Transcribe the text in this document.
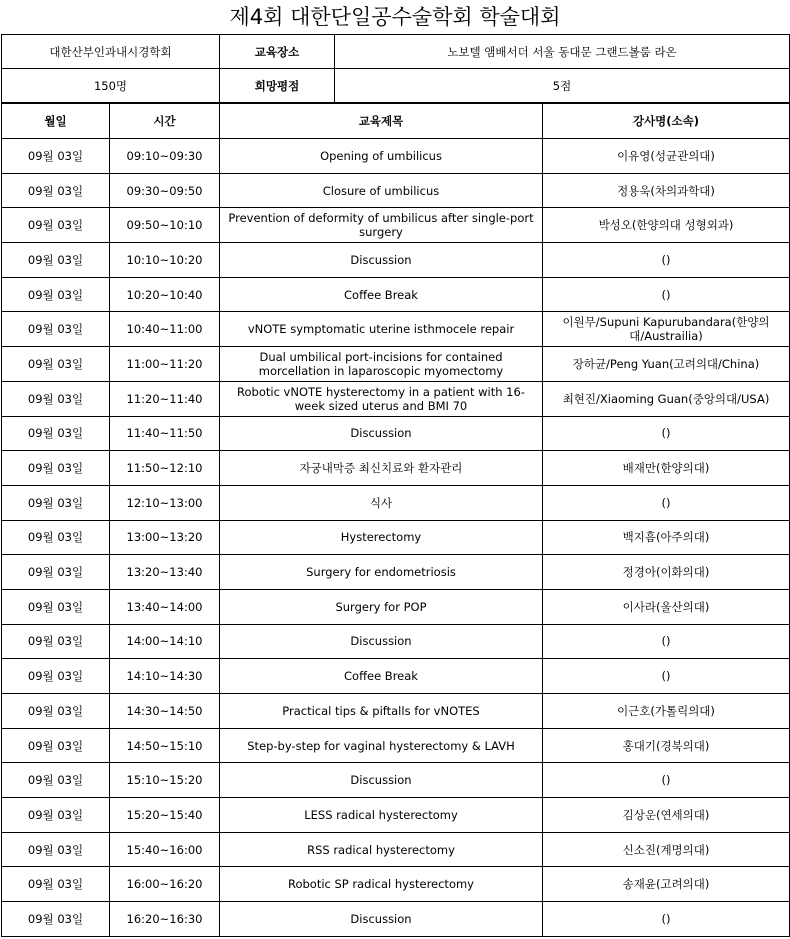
제4회 대한단일공수술학회 학술대회
대한산부인과내시경학회	교육장소	노보텔 앰배서더 서울 동대문 그랜드볼룸 라온
150명	희망평점	5점
월일	시간	교육제목	강사명(소속)
09월 03일	09:10~09:30	Opening of umbilicus	이유영(성균관의대)
09월 03일	09:30~09:50	Closure of umbilicus	정용욱(차의과학대)
09월 03일	09:50~10:10	Prevention of deformity of umbilicus after single-port surgery	박성오(한양의대 성형외과)
09월 03일	10:10~10:20	Discussion	()
09월 03일	10:20~10:40	Coffee Break	()
09월 03일	10:40~11:00	vNOTE symptomatic uterine isthmocele repair	이원무/Supuni Kapurubandara(한양의대/Austrailia)
09월 03일	11:00~11:20	Dual umbilical port-incisions for contained morcellation in laparoscopic myomectomy	장하균/Peng Yuan(고려의대/China)
09월 03일	11:20~11:40	Robotic vNOTE hysterectomy in a patient with 16-week sized uterus and BMI 70	최현진/Xiaoming Guan(중앙의대/USA)
09월 03일	11:40~11:50	Discussion	()
09월 03일	11:50~12:10	자궁내막증 최신치료와 환자관리	배재만(한양의대)
09월 03일	12:10~13:00	식사	()
09월 03일	13:00~13:20	Hysterectomy	백지흠(아주의대)
09월 03일	13:20~13:40	Surgery for endometriosis	정경아(이화의대)
09월 03일	13:40~14:00	Surgery for POP	이사라(울산의대)
09월 03일	14:00~14:10	Discussion	()
09월 03일	14:10~14:30	Coffee Break	()
09월 03일	14:30~14:50	Practical tips & piftalls for vNOTES	이근호(가톨릭의대)
09월 03일	14:50~15:10	Step-by-step for vaginal hysterectomy & LAVH	홍대기(경북의대)
09월 03일	15:10~15:20	Discussion	()
09월 03일	15:20~15:40	LESS radical hysterectomy	김상운(연세의대)
09월 03일	15:40~16:00	RSS radical hysterectomy	신소진(계명의대)
09월 03일	16:00~16:20	Robotic SP radical hysterectomy	송재윤(고려의대)
09월 03일	16:20~16:30	Discussion	()
